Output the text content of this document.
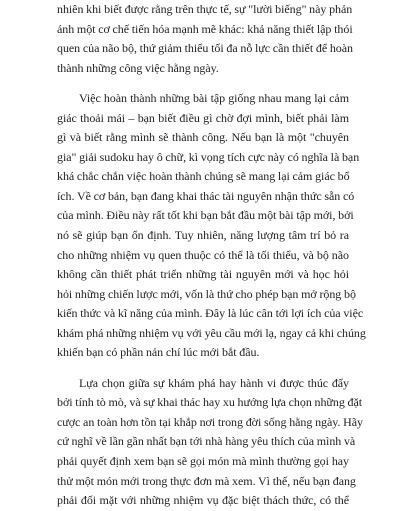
nhiên khi biết được rằng trên thực tế, sự "lười biếng" này phản
ánh một cơ chế tiến hóa mạnh mẽ khác: khả năng thiết lập thói
quen của não bộ, thứ giảm thiểu tối đa nỗ lực cần thiết để hoàn
thành những công việc hằng ngày.
Việc hoàn thành những bài tập giống nhau mang lại cảm
giác thoải mái – bạn biết điều gì chờ đợi mình, biết phải làm
gì và biết rằng mình sẽ thành công. Nếu bạn là một "chuyên
gia" giải sudoku hay ô chữ, kì vọng tích cực này có nghĩa là bạn
khá chắc chắn việc hoàn thành chúng sẽ mang lại cảm giác bổ
ích. Về cơ bản, bạn đang khai thác tài nguyên nhận thức sẵn có
của mình. Điều này rất tốt khi bạn bắt đầu một bài tập mới, bởi
nó sẽ giúp bạn ổn định. Tuy nhiên, năng lượng tâm trí bỏ ra
cho những nhiệm vụ quen thuộc có thể là tối thiểu, và bộ não
không cần thiết phát triển những tài nguyên mới và học hỏi
hỏi những chiến lược mới, vốn là thứ cho phép bạn mở rộng bộ
kiến thức và kĩ năng của mình. Đây là lúc cân tới lợi ích của việc
khám phá những nhiệm vụ với yêu cầu mới lạ, ngay cả khi chúng
khiến bạn có phần nản chí lúc mới bắt đầu.
Lựa chọn giữa sự khám phá hay hành vi được thúc đẩy
bởi tính tò mò, và sự khai thác hay xu hướng lựa chọn những đặt
cược an toàn hơn tồn tại khắp nơi trong đời sống hằng ngày. Hãy
cứ nghĩ về lần gần nhất bạn tới nhà hàng yêu thích của mình và
phải quyết định xem bạn sẽ gọi món mà mình thường gọi hay
thử một món mới trong thực đơn mà xem. Vì thế, nếu bạn đang
phải đối mặt với những nhiệm vụ đặc biệt thách thức, có thể
